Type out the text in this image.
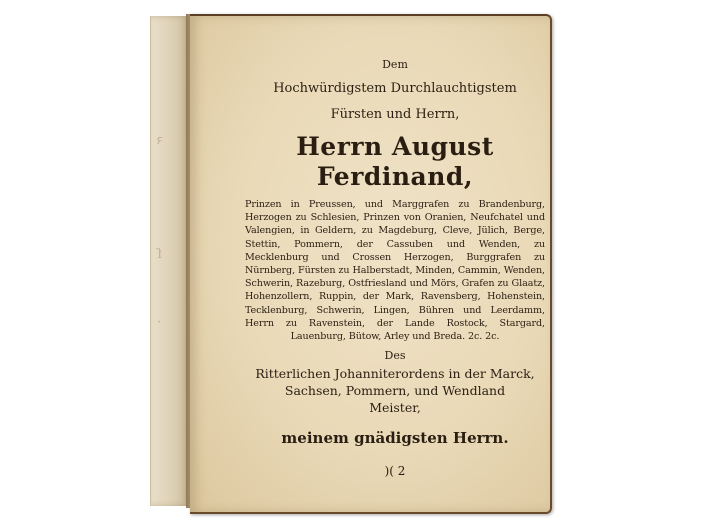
ꝛ
ſ
·
Dem
Hochwürdigstem Durchlauchtigstem
Fürsten und Herrn,
Herrn August Ferdinand,
Prinzen in Preussen, und Marggrafen zu Brandenburg, Herzogen zu Schlesien, Prinzen von Oranien, Neufchatel und Valengien, in Geldern, zu Magdeburg, Cleve, Jülich, Berge, Stettin, Pommern, der Cassuben und Wenden, zu Mecklenburg und Crossen Herzogen, Burggrafen zu Nürnberg, Fürsten zu Halberstadt, Minden, Cammin, Wenden, Schwerin, Razeburg, Ostfriesland und Mörs, Grafen zu Glaatz, Hohenzollern, Ruppin, der Mark, Ravensberg, Hohenstein, Tecklenburg, Schwerin, Lingen, Bühren und Leerdamm, Herrn zu Ravenstein, der Lande Rostock, Stargard, Lauenburg, Bütow, Arley und Breda. 2c. 2c.
Des
Ritterlichen Johanniterordens in der Marck,
Sachsen, Pommern, und Wendland
Meister,
meinem gnädigsten Herrn.
)( 2
